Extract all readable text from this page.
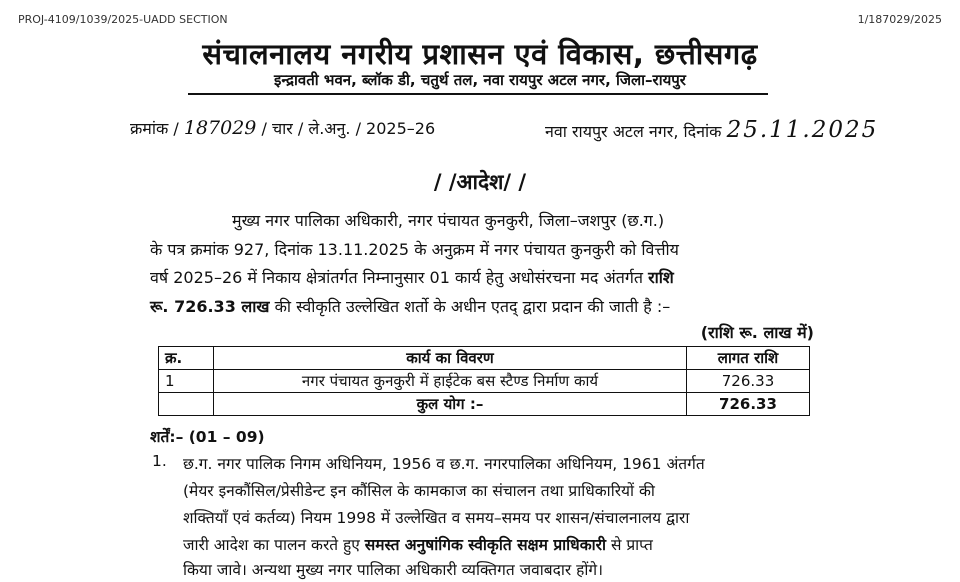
PROJ-4109/1039/2025-UADD SECTION	1/187029/2025
संचालनालय नगरीय प्रशासन एवं विकास, छत्तीसगढ़
इन्द्रावती भवन, ब्लॉक डी, चतुर्थ तल, नवा रायपुर अटल नगर, जिला–रायपुर
क्रमांक / 187029 / चार / ले.अनु. / 2025–26	नवा रायपुर अटल नगर, दिनांक 25.11.2025
/ /आदेश/ /
मुख्य नगर पालिका अधिकारी, नगर पंचायत कुनकुरी, जिला–जशपुर (छ.ग.)
के पत्र क्रमांक 927, दिनांक 13.11.2025 के अनुक्रम में नगर पंचायत कुनकुरी को वित्तीय
वर्ष 2025–26 में निकाय क्षेत्रांतर्गत निम्नानुसार 01 कार्य हेतु अधोसंरचना मद अंतर्गत राशि
रू. 726.33 लाख की स्वीकृति उल्लेखित शर्तो के अधीन एतद् द्वारा प्रदान की जाती है :–
(राशि रू. लाख में)
क्र.	कार्य का विवरण	लागत राशि
1	नगर पंचायत कुनकुरी में हाईटेक बस स्टैण्ड निर्माण कार्य	726.33
	कुल योग :–	726.33
शर्तें:– (01 – 09)
1. छ.ग. नगर पालिक निगम अधिनियम, 1956 व छ.ग. नगरपालिका अधिनियम, 1961 अंतर्गत
(मेयर इनकौंसिल/प्रेसीडेन्ट इन कौंसिल के कामकाज का संचालन तथा प्राधिकारियों की
शक्तियाँ एवं कर्तव्य) नियम 1998 में उल्लेखित व समय–समय पर शासन/संचालनालय द्वारा
जारी आदेश का पालन करते हुए समस्त अनुषांगिक स्वीकृति सक्षम प्राधिकारी से प्राप्त
किया जावे। अन्यथा मुख्य नगर पालिका अधिकारी व्यक्तिगत जवाबदार होंगे।
